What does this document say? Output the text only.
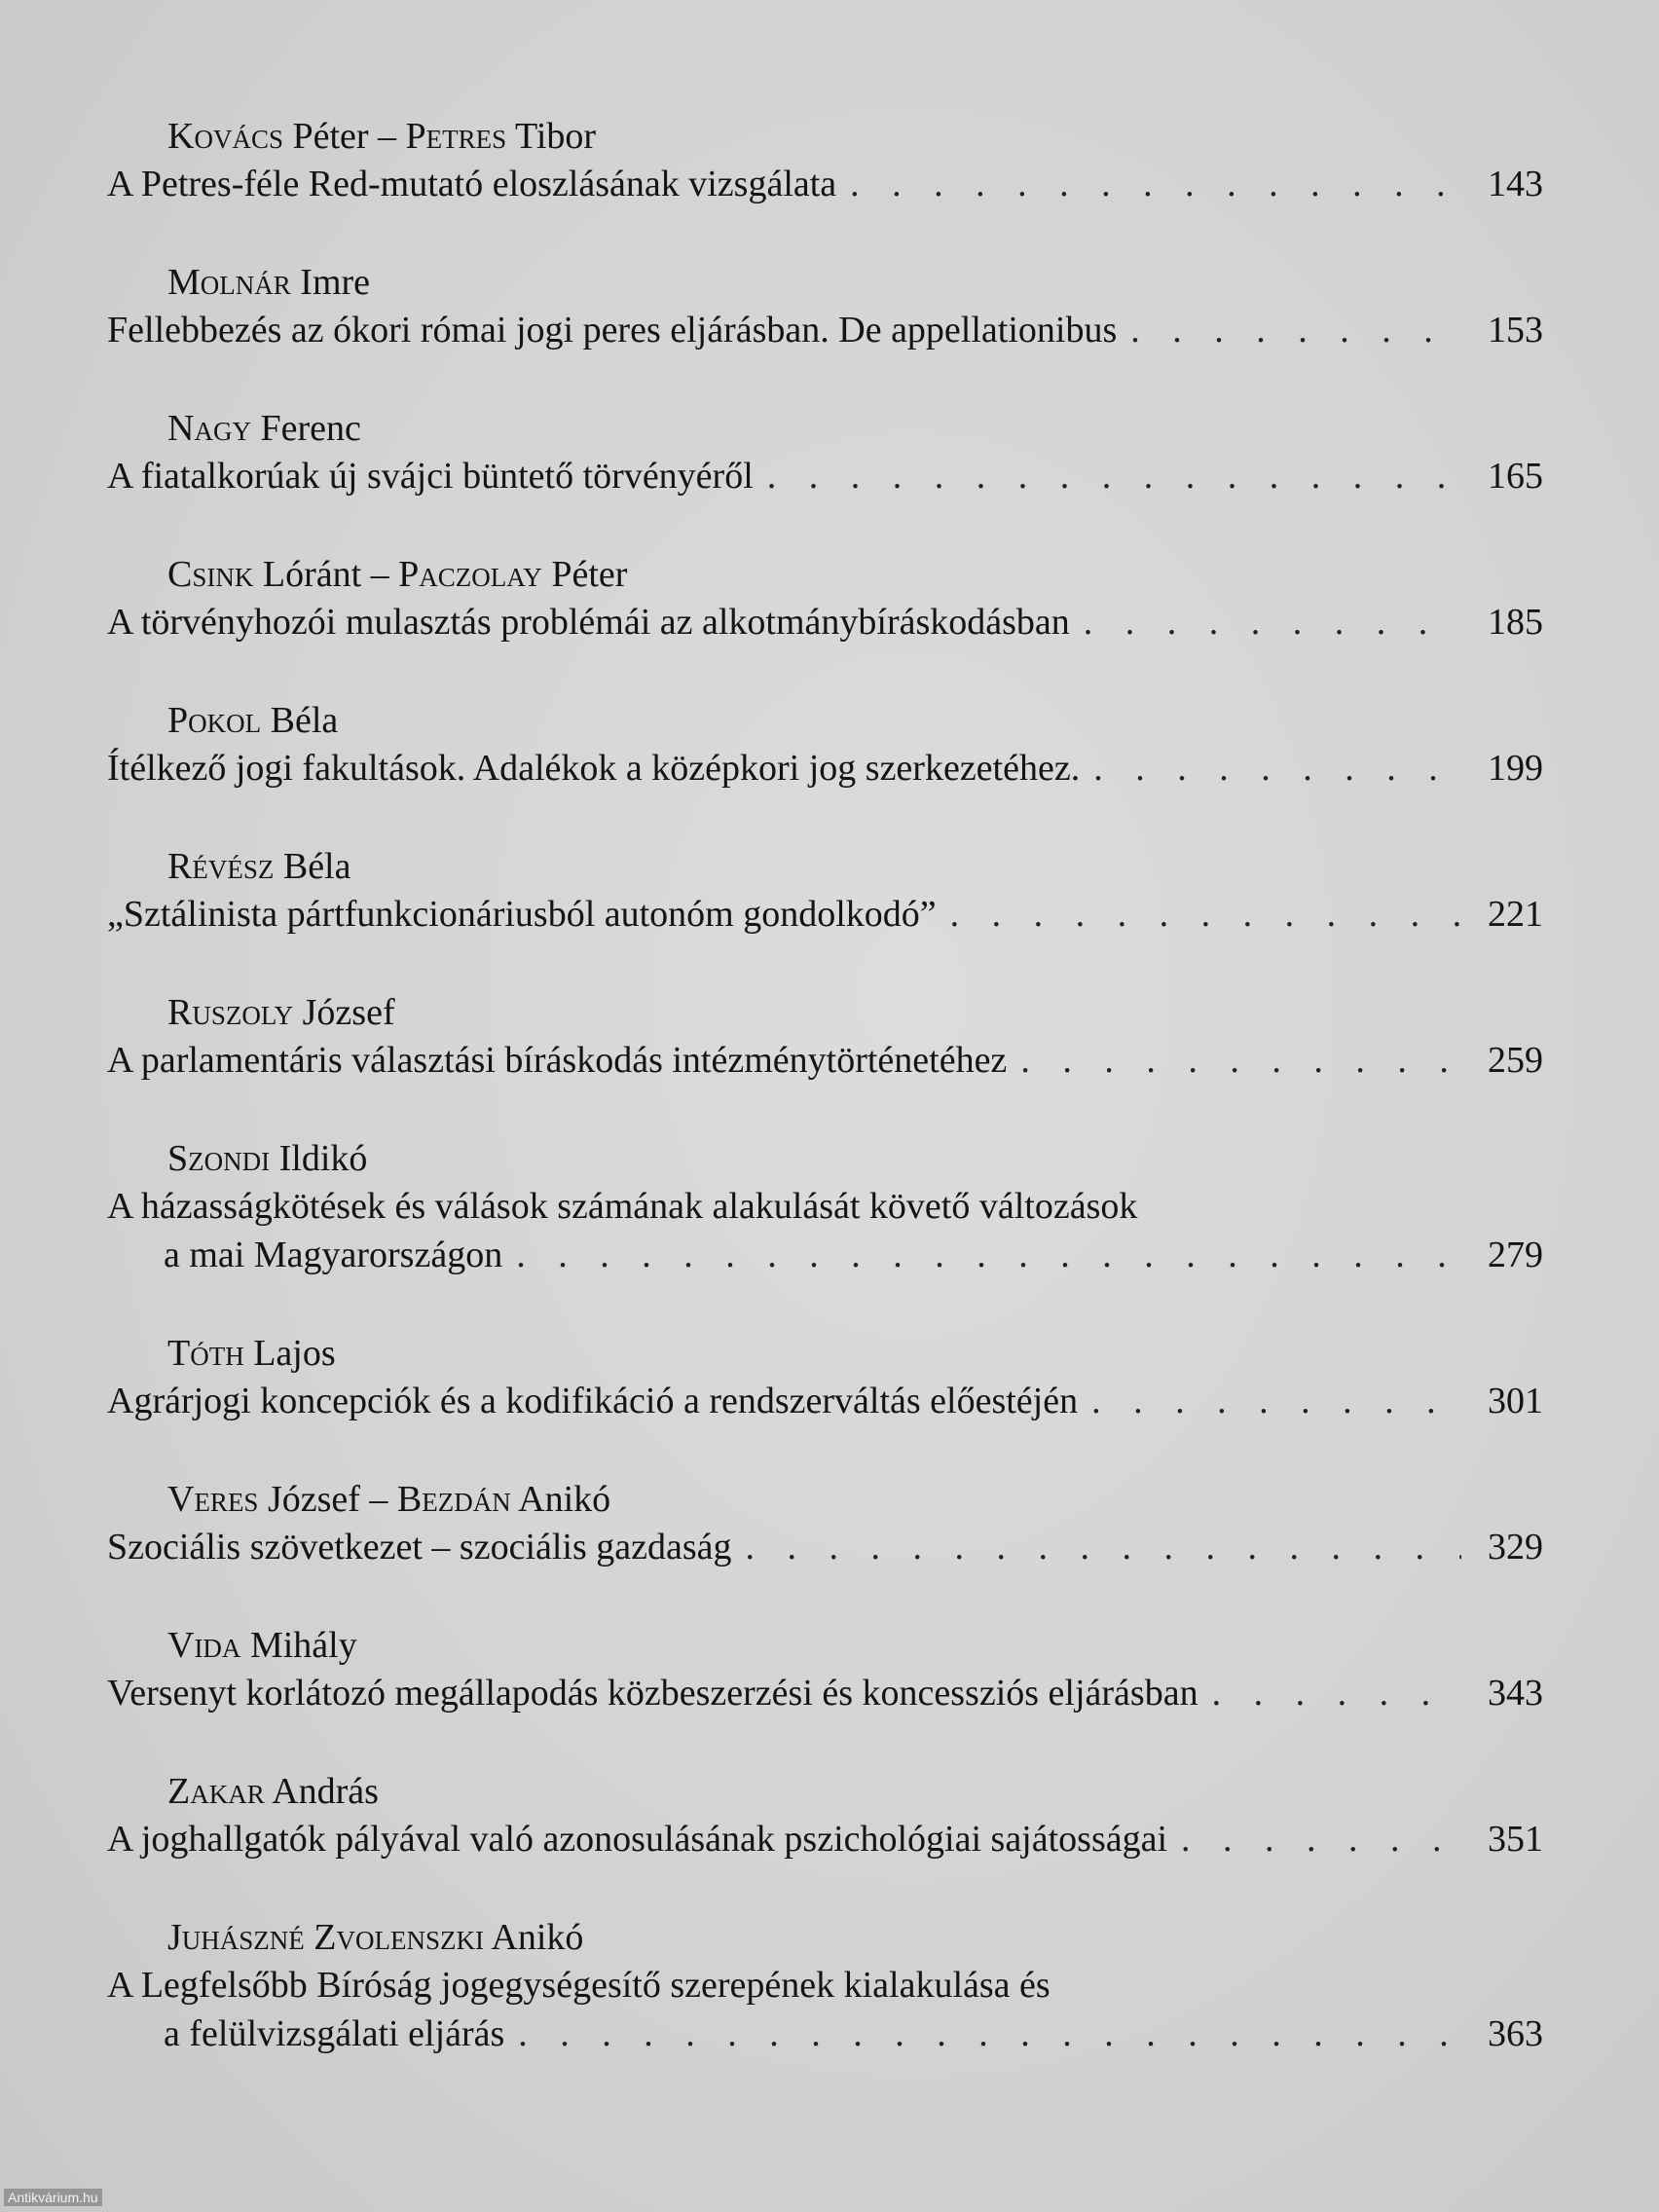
Kovács Péter – Petres Tibor
A Petres-féle Red-mutató eloszlásának vizsgálata . . .	143
Molnár Imre
Fellebbezés az ókori római jogi peres eljárásban. De appellationibus . . .	153
Nagy Ferenc
A fiatalkorúak új svájci büntető törvényéről . . .	165
Csink Lóránt – Paczolay Péter
A törvényhozói mulasztás problémái az alkotmánybíráskodásban . . .	185
Pokol Béla
Ítélkező jogi fakultások. Adalékok a középkori jog szerkezetéhez. . . .	199
Révész Béla
„Sztálinista pártfunkcionáriusból autonóm gondolkodó” . . .	221
Ruszoly József
A parlamentáris választási bíráskodás intézménytörténetéhez . . .	259
Szondi Ildikó
A házasságkötések és válások számának alakulását követő változások
a mai Magyarországon . . .	279
Tóth Lajos
Agrárjogi koncepciók és a kodifikáció a rendszerváltás előestéjén . . .	301
Veres József – Bezdán Anikó
Szociális szövetkezet – szociális gazdaság . . .	329
Vida Mihály
Versenyt korlátozó megállapodás közbeszerzési és koncessziós eljárásban . . .	343
Zakar András
A joghallgatók pályával való azonosulásának pszichológiai sajátosságai . . .	351
Juhászné Zvolenszki Anikó
A Legfelsőbb Bíróság jogegységesítő szerepének kialakulása és
a felülvizsgálati eljárás . . .	363
Antikvárium.hu
